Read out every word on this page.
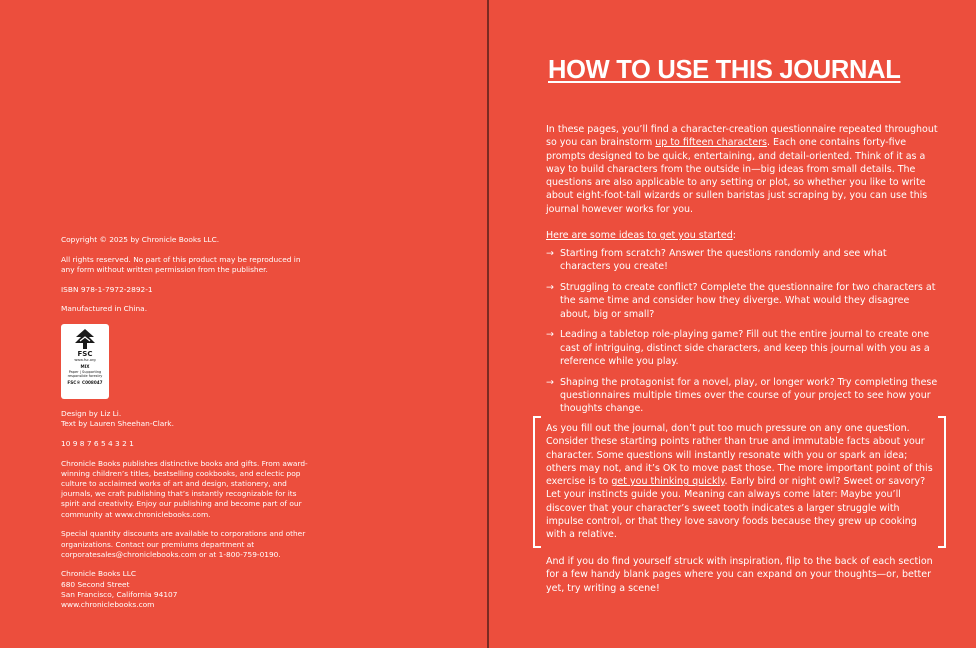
Copyright © 2025 by Chronicle Books LLC.

All rights reserved. No part of this product may be reproduced in any form without written permission from the publisher.

ISBN 978-1-7972-2892-1

Manufactured in China.

FSC
www.fsc.org
MIX
Paper | Supporting responsible forestry
FSC® C008047

Design by Liz Li.

Text by Lauren Sheehan-Clark.

10 9 8 7 6 5 4 3 2 1

Chronicle Books publishes distinctive books and gifts. From award-winning children’s titles, bestselling cookbooks, and eclectic pop culture to acclaimed works of art and design, stationery, and journals, we craft publishing that’s instantly recognizable for its spirit and creativity. Enjoy our publishing and become part of our community at www.chroniclebooks.com.

Special quantity discounts are available to corporations and other organizations. Contact our premiums department at corporatesales@chroniclebooks.com or at 1-800-759-0190.

Chronicle Books LLC
680 Second Street
San Francisco, California 94107
www.chroniclebooks.com
HOW TO USE THIS JOURNAL

In these pages, you’ll find a character-creation questionnaire repeated throughout so you can brainstorm up to fifteen characters. Each one contains forty-five prompts designed to be quick, entertaining, and detail-oriented. Think of it as a way to build characters from the outside in—big ideas from small details. The questions are also applicable to any setting or plot, so whether you like to write about eight-foot-tall wizards or sullen baristas just scraping by, you can use this journal however works for you.

Here are some ideas to get you started:

→ Starting from scratch? Answer the questions randomly and see what characters you create!
→ Struggling to create conflict? Complete the questionnaire for two characters at the same time and consider how they diverge. What would they disagree about, big or small?
→ Leading a tabletop role-playing game? Fill out the entire journal to create one cast of intriguing, distinct side characters, and keep this journal with you as a reference while you play.
→ Shaping the protagonist for a novel, play, or longer work? Try completing these questionnaires multiple times over the course of your project to see how your thoughts change.

As you fill out the journal, don’t put too much pressure on any one question. Consider these starting points rather than true and immutable facts about your character. Some questions will instantly resonate with you or spark an idea; others may not, and it’s OK to move past those. The more important point of this exercise is to get you thinking quickly. Early bird or night owl? Sweet or savory? Let your instincts guide you. Meaning can always come later: Maybe you’ll discover that your character’s sweet tooth indicates a larger struggle with impulse control, or that they love savory foods because they grew up cooking with a relative.

And if you do find yourself struck with inspiration, flip to the back of each section for a few handy blank pages where you can expand on your thoughts—or, better yet, try writing a scene!
